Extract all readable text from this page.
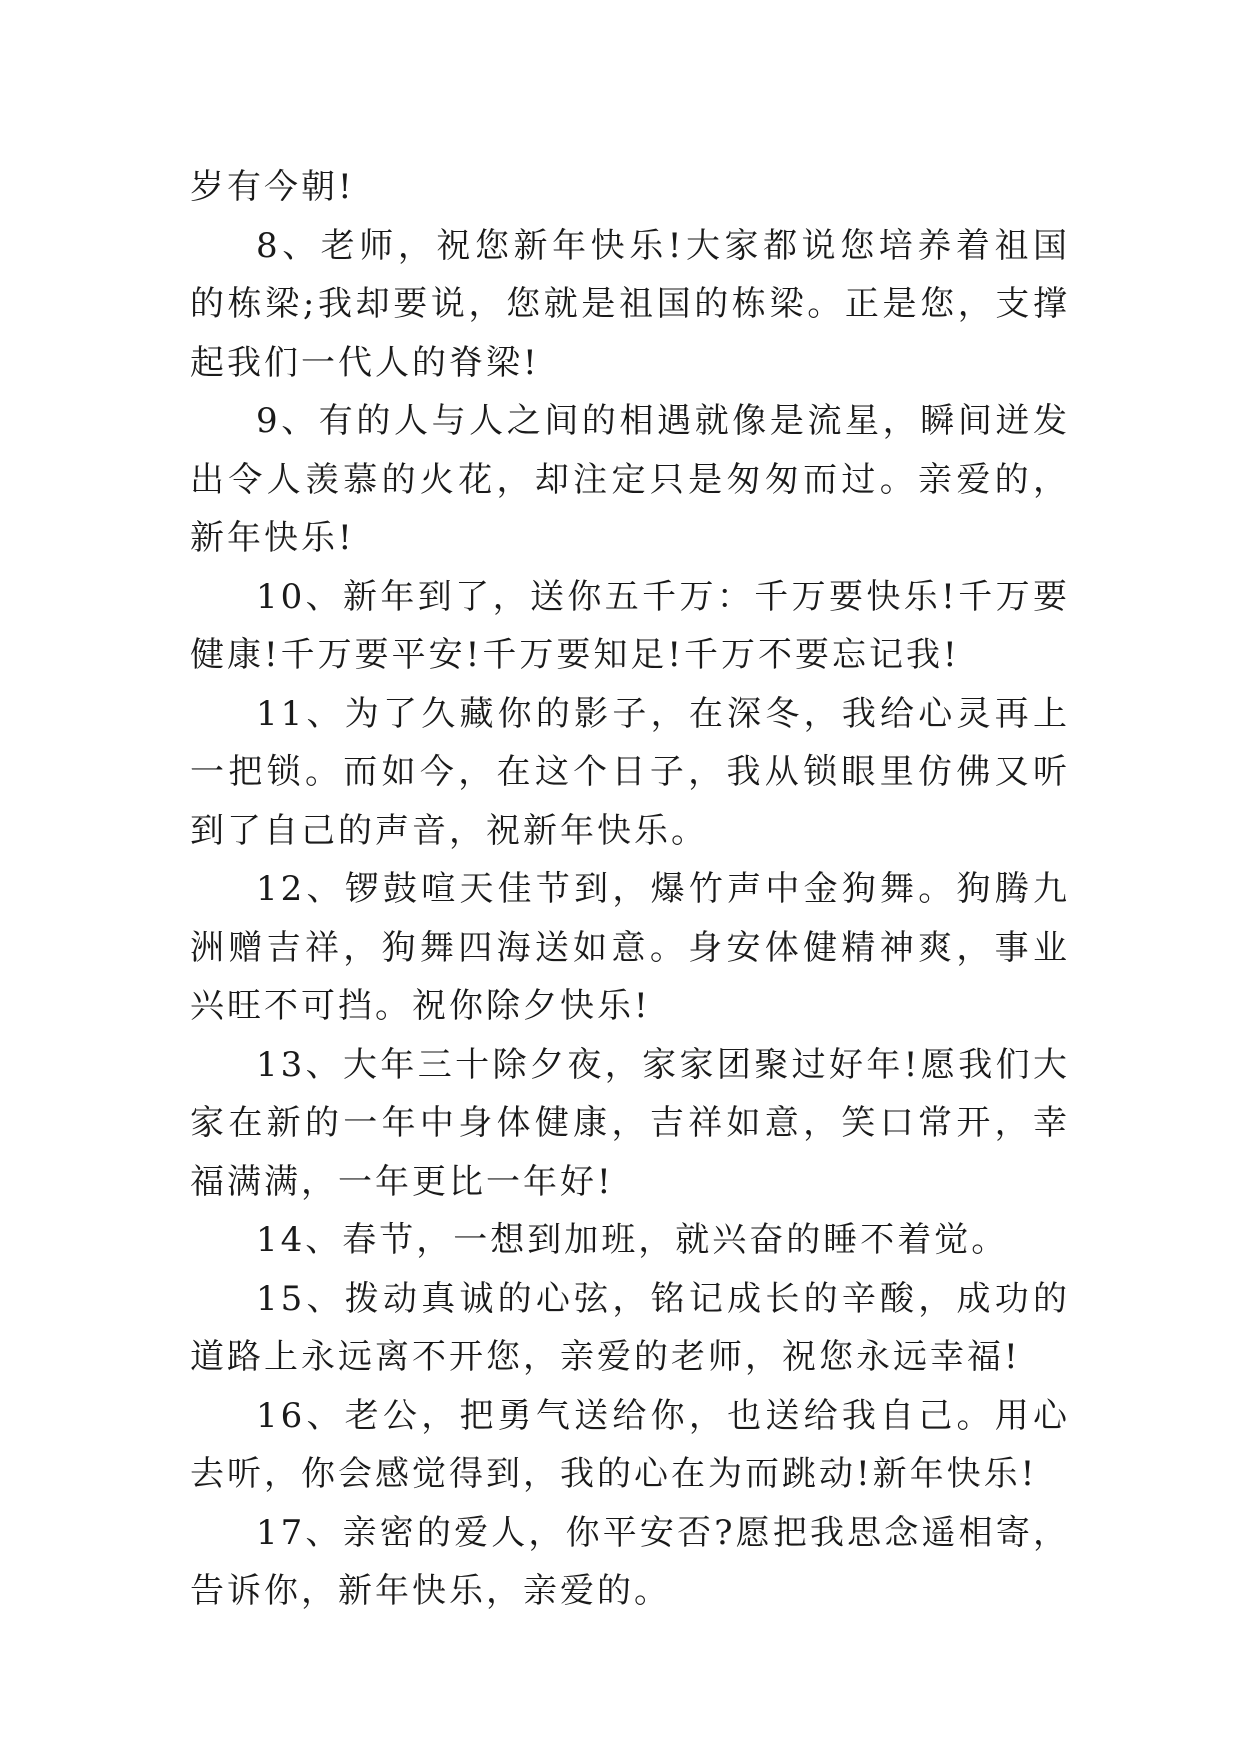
岁有今朝!

8、老师，祝您新年快乐!大家都说您培养着祖国的栋梁;我却要说，您就是祖国的栋梁。正是您，支撑起我们一代人的脊梁!

9、有的人与人之间的相遇就像是流星，瞬间迸发出令人羡慕的火花，却注定只是匆匆而过。亲爱的，新年快乐!

10、新年到了，送你五千万：千万要快乐!千万要健康!千万要平安!千万要知足!千万不要忘记我!

11、为了久藏你的影子，在深冬，我给心灵再上一把锁。而如今，在这个日子，我从锁眼里仿佛又听到了自己的声音，祝新年快乐。

12、锣鼓喧天佳节到，爆竹声中金狗舞。狗腾九洲赠吉祥，狗舞四海送如意。身安体健精神爽，事业兴旺不可挡。祝你除夕快乐!

13、大年三十除夕夜，家家团聚过好年!愿我们大家在新的一年中身体健康，吉祥如意，笑口常开，幸福满满，一年更比一年好!

14、春节，一想到加班，就兴奋的睡不着觉。

15、拨动真诚的心弦，铭记成长的辛酸，成功的道路上永远离不开您，亲爱的老师，祝您永远幸福!

16、老公，把勇气送给你，也送给我自己。用心去听，你会感觉得到，我的心在为而跳动!新年快乐!

17、亲密的爱人，你平安否?愿把我思念遥相寄，告诉你，新年快乐，亲爱的。
